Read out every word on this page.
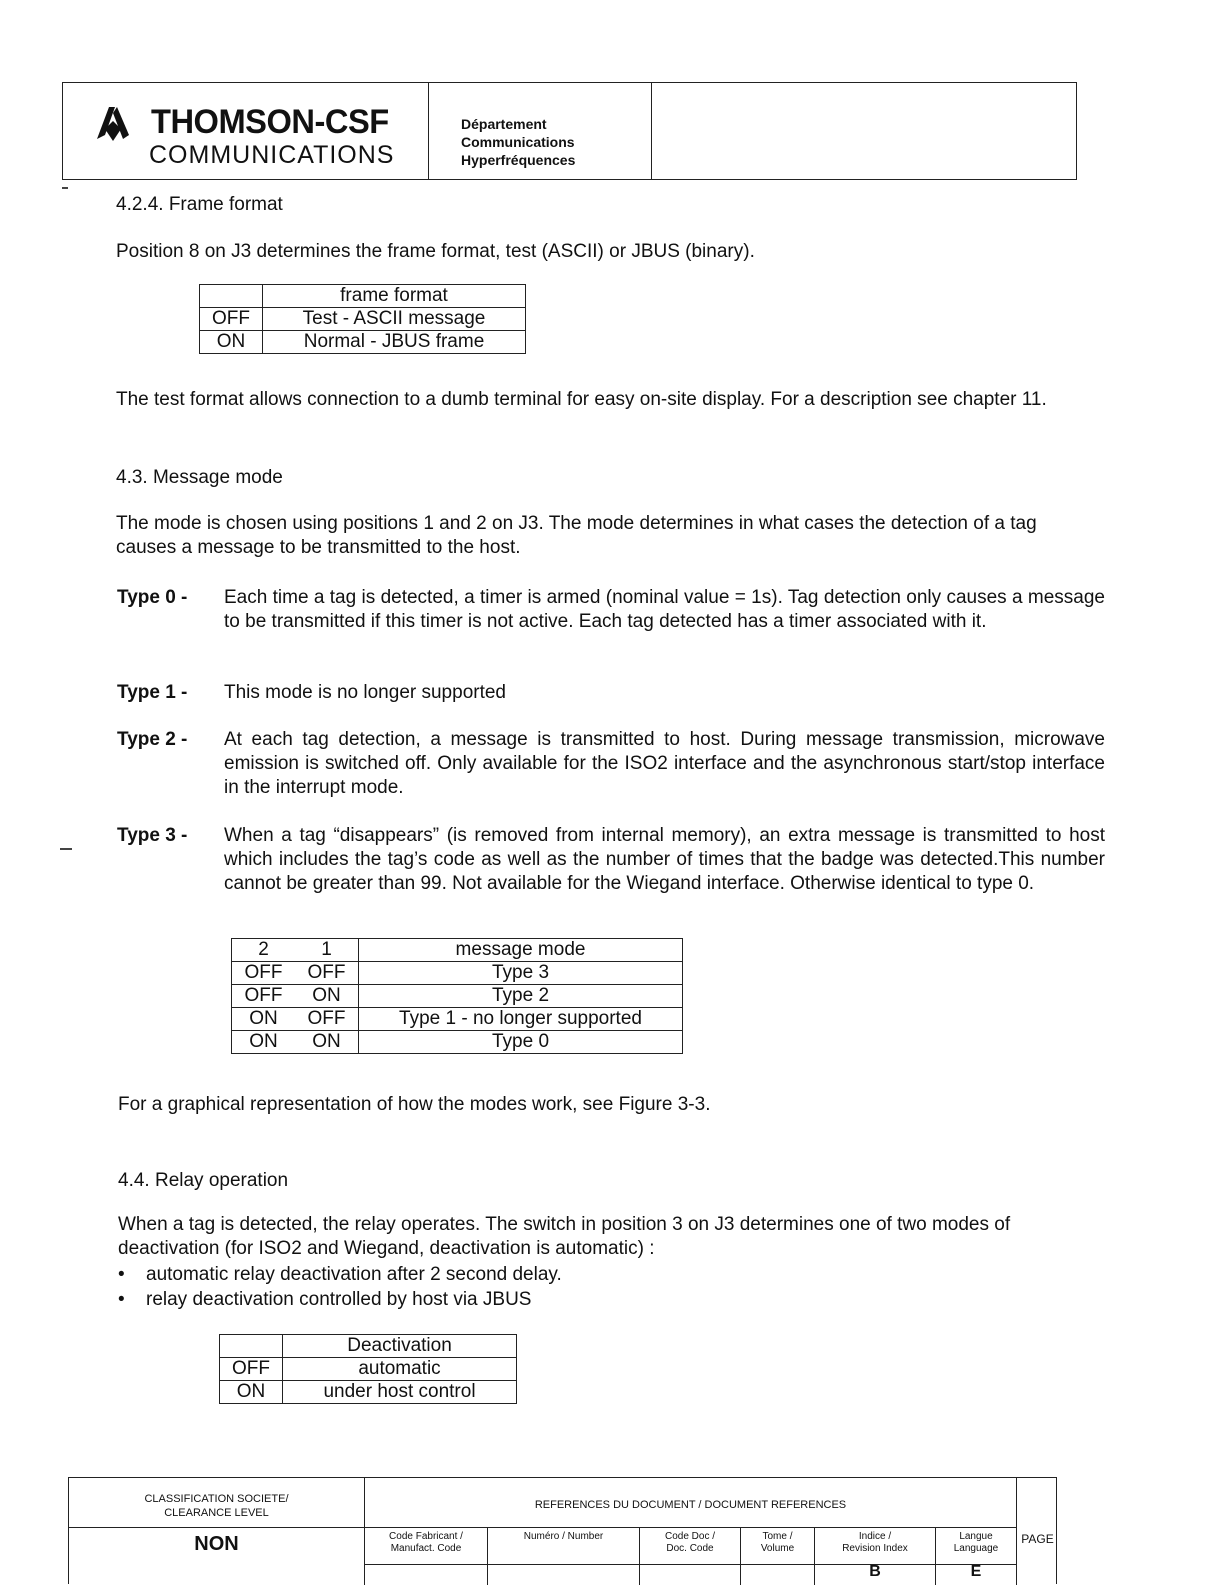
THOMSON-CSF
COMMUNICATIONS
Département
Communications
Hyperfréquences
4.2.4. Frame format
Position 8 on J3 determines the frame format, test (ASCII) or JBUS (binary).
	frame format
OFF	Test - ASCII message
ON	Normal - JBUS frame
The test format allows connection to a dumb terminal for easy on-site display. For a description see chapter 11.
4.3. Message mode
The mode is chosen using positions 1 and 2 on J3. The mode determines in what cases the detection of a tag
causes a message to be transmitted to the host.
Type 0 - Each time a tag is detected, a timer is armed (nominal value = 1s). Tag detection only causes a message to be transmitted if this timer is not active. Each tag detected has a timer associated with it.
Type 1 - This mode is no longer supported
Type 2 - At each tag detection, a message is transmitted to host. During message transmission, microwave emission is switched off. Only available for the ISO2 interface and the asynchronous start/stop interface in the interrupt mode.
Type 3 - When a tag “disappears” (is removed from internal memory), an extra message is transmitted to host which includes the tag’s code as well as the number of times that the badge was detected.This number cannot be greater than 99. Not available for the Wiegand interface. Otherwise identical to type 0.
2	1	message mode
OFF	OFF	Type 3
OFF	ON	Type 2
ON	OFF	Type 1 - no longer supported
ON	ON	Type 0
For a graphical representation of how the modes work, see Figure 3-3.
4.4. Relay operation
When a tag is detected, the relay operates. The switch in position 3 on J3 determines one of two modes of
deactivation (for ISO2 and Wiegand, deactivation is automatic) :
• automatic relay deactivation after 2 second delay.
• relay deactivation controlled by host via JBUS
	Deactivation
OFF	automatic
ON	under host control
CLASSIFICATION SOCIETE/
CLEARANCE LEVEL
NON
REFERENCES DU DOCUMENT / DOCUMENT REFERENCES
Code Fabricant /
Manufact. Code
Numéro / Number	Code Doc /
Doc. Code
Tome /
Volume
Indice /
Revision Index
B
Langue
Language
E
PAGE
